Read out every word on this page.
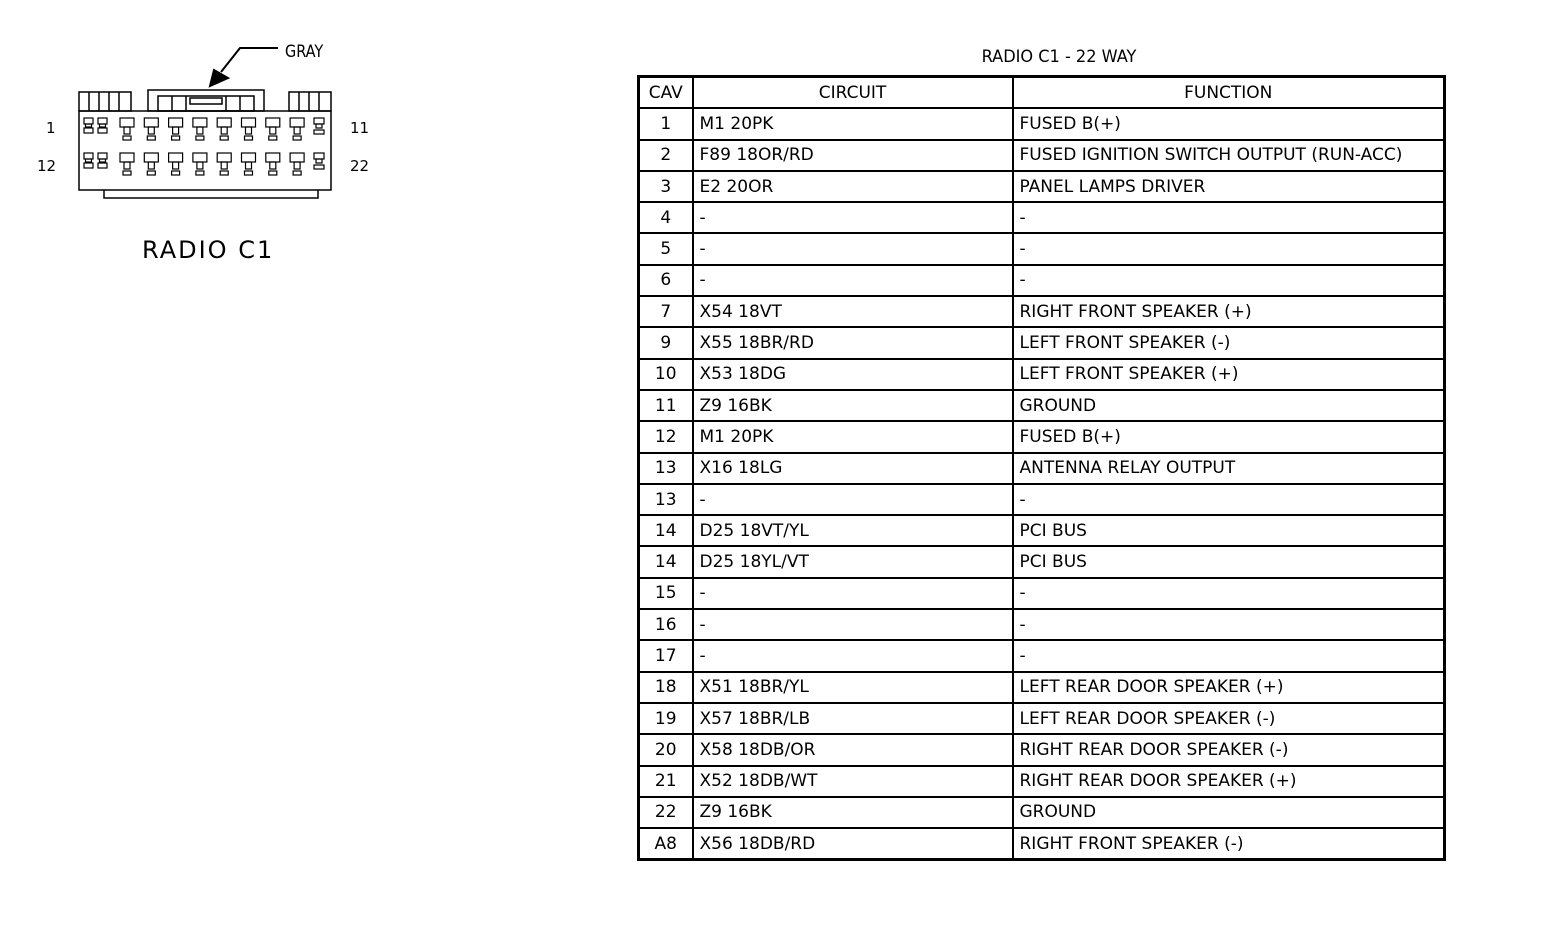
GRAY
1
12
11
22
RADIO C1
RADIO C1 - 22 WAY
CAV	CIRCUIT	FUNCTION
1	M1 20PK	FUSED B(+)
2	F89 18OR/RD	FUSED IGNITION SWITCH OUTPUT (RUN-ACC)
3	E2 20OR	PANEL LAMPS DRIVER
4	-	-
5	-	-
6	-	-
7	X54 18VT	RIGHT FRONT SPEAKER (+)
9	X55 18BR/RD	LEFT FRONT SPEAKER (-)
10	X53 18DG	LEFT FRONT SPEAKER (+)
11	Z9 16BK	GROUND
12	M1 20PK	FUSED B(+)
13	X16 18LG	ANTENNA RELAY OUTPUT
13	-	-
14	D25 18VT/YL	PCI BUS
14	D25 18YL/VT	PCI BUS
15	-	-
16	-	-
17	-	-
18	X51 18BR/YL	LEFT REAR DOOR SPEAKER (+)
19	X57 18BR/LB	LEFT REAR DOOR SPEAKER (-)
20	X58 18DB/OR	RIGHT REAR DOOR SPEAKER (-)
21	X52 18DB/WT	RIGHT REAR DOOR SPEAKER (+)
22	Z9 16BK	GROUND
A8	X56 18DB/RD	RIGHT FRONT SPEAKER (-)
